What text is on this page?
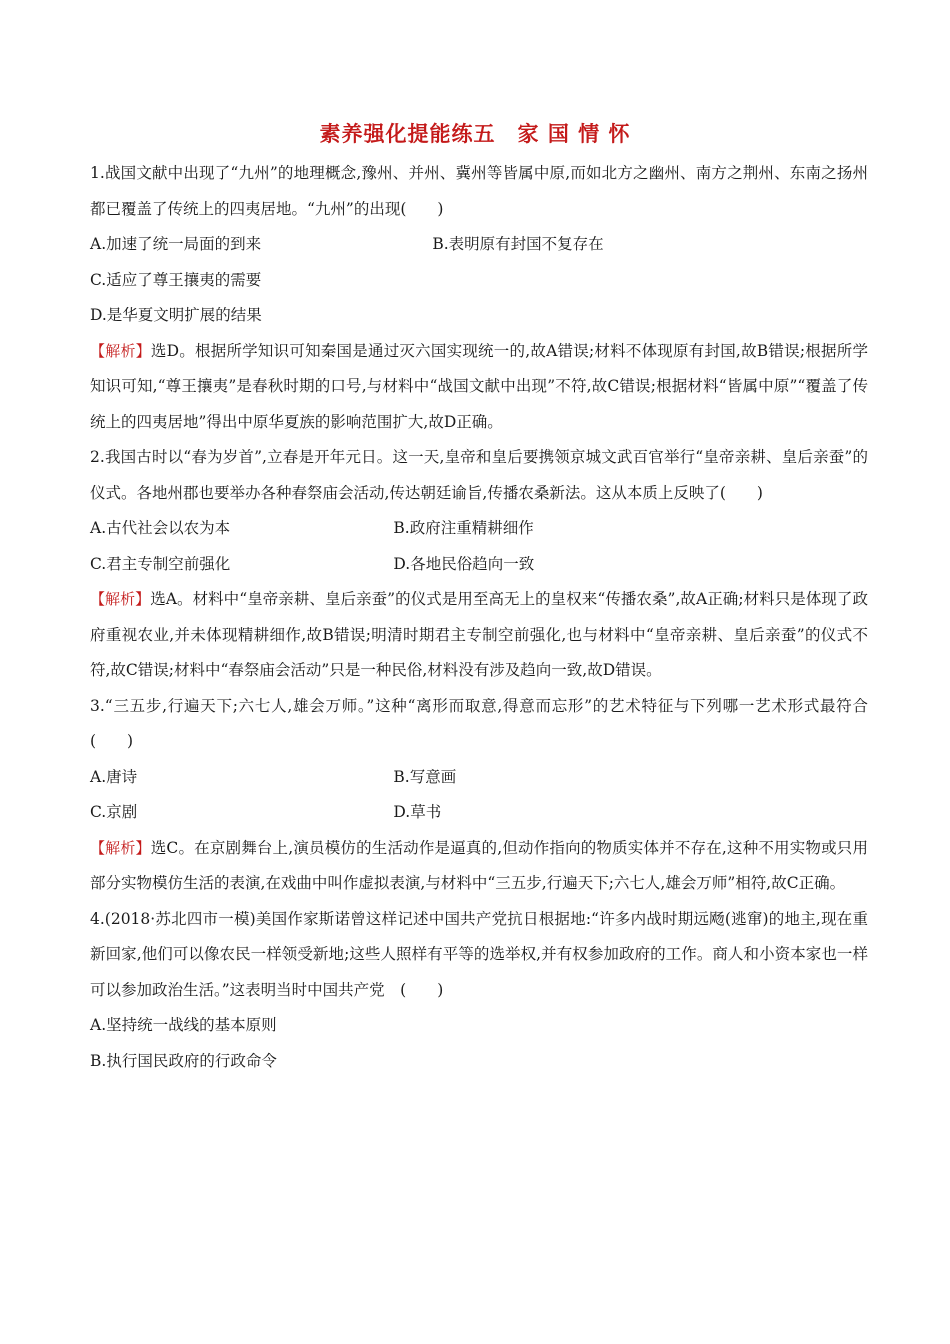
素养强化提能练五　家 国 情 怀

1.战国文献中出现了“九州”的地理概念,豫州、并州、冀州等皆属中原,而如北方之幽州、南方之荆州、东南之扬州都已覆盖了传统上的四夷居地。“九州”的出现(　　)

A.加速了统一局面的到来	B.表明原有封国不复存在

C.适应了尊王攘夷的需要

D.是华夏文明扩展的结果

【解析】选D。根据所学知识可知秦国是通过灭六国实现统一的,故A错误;材料不体现原有封国,故B错误;根据所学知识可知,“尊王攘夷”是春秋时期的口号,与材料中“战国文献中出现”不符,故C错误;根据材料“皆属中原”“覆盖了传统上的四夷居地”得出中原华夏族的影响范围扩大,故D正确。

2.我国古时以“春为岁首”,立春是开年元日。这一天,皇帝和皇后要携领京城文武百官举行“皇帝亲耕、皇后亲蚕”的仪式。各地州郡也要举办各种春祭庙会活动,传达朝廷谕旨,传播农桑新法。这从本质上反映了(　　)

A.古代社会以农为本	B.政府注重精耕细作

C.君主专制空前强化	D.各地民俗趋向一致

【解析】选A。材料中“皇帝亲耕、皇后亲蚕”的仪式是用至高无上的皇权来“传播农桑”,故A正确;材料只是体现了政府重视农业,并未体现精耕细作,故B错误;明清时期君主专制空前强化,也与材料中“皇帝亲耕、皇后亲蚕”的仪式不符,故C错误;材料中“春祭庙会活动”只是一种民俗,材料没有涉及趋向一致,故D错误。

3.“三五步,行遍天下;六七人,雄会万师。”这种“离形而取意,得意而忘形”的艺术特征与下列哪一艺术形式最符合　(　　)

A.唐诗	B.写意画

C.京剧	D.草书

【解析】选C。在京剧舞台上,演员模仿的生活动作是逼真的,但动作指向的物质实体并不存在,这种不用实物或只用部分实物模仿生活的表演,在戏曲中叫作虚拟表演,与材料中“三五步,行遍天下;六七人,雄会万师”相符,故C正确。

4.(2018·苏北四市一模)美国作家斯诺曾这样记述中国共产党抗日根据地:“许多内战时期远飏(逃窜)的地主,现在重新回家,他们可以像农民一样领受新地;这些人照样有平等的选举权,并有权参加政府的工作。商人和小资本家也一样可以参加政治生活。”这表明当时中国共产党　(　　)

A.坚持统一战线的基本原则

B.执行国民政府的行政命令
